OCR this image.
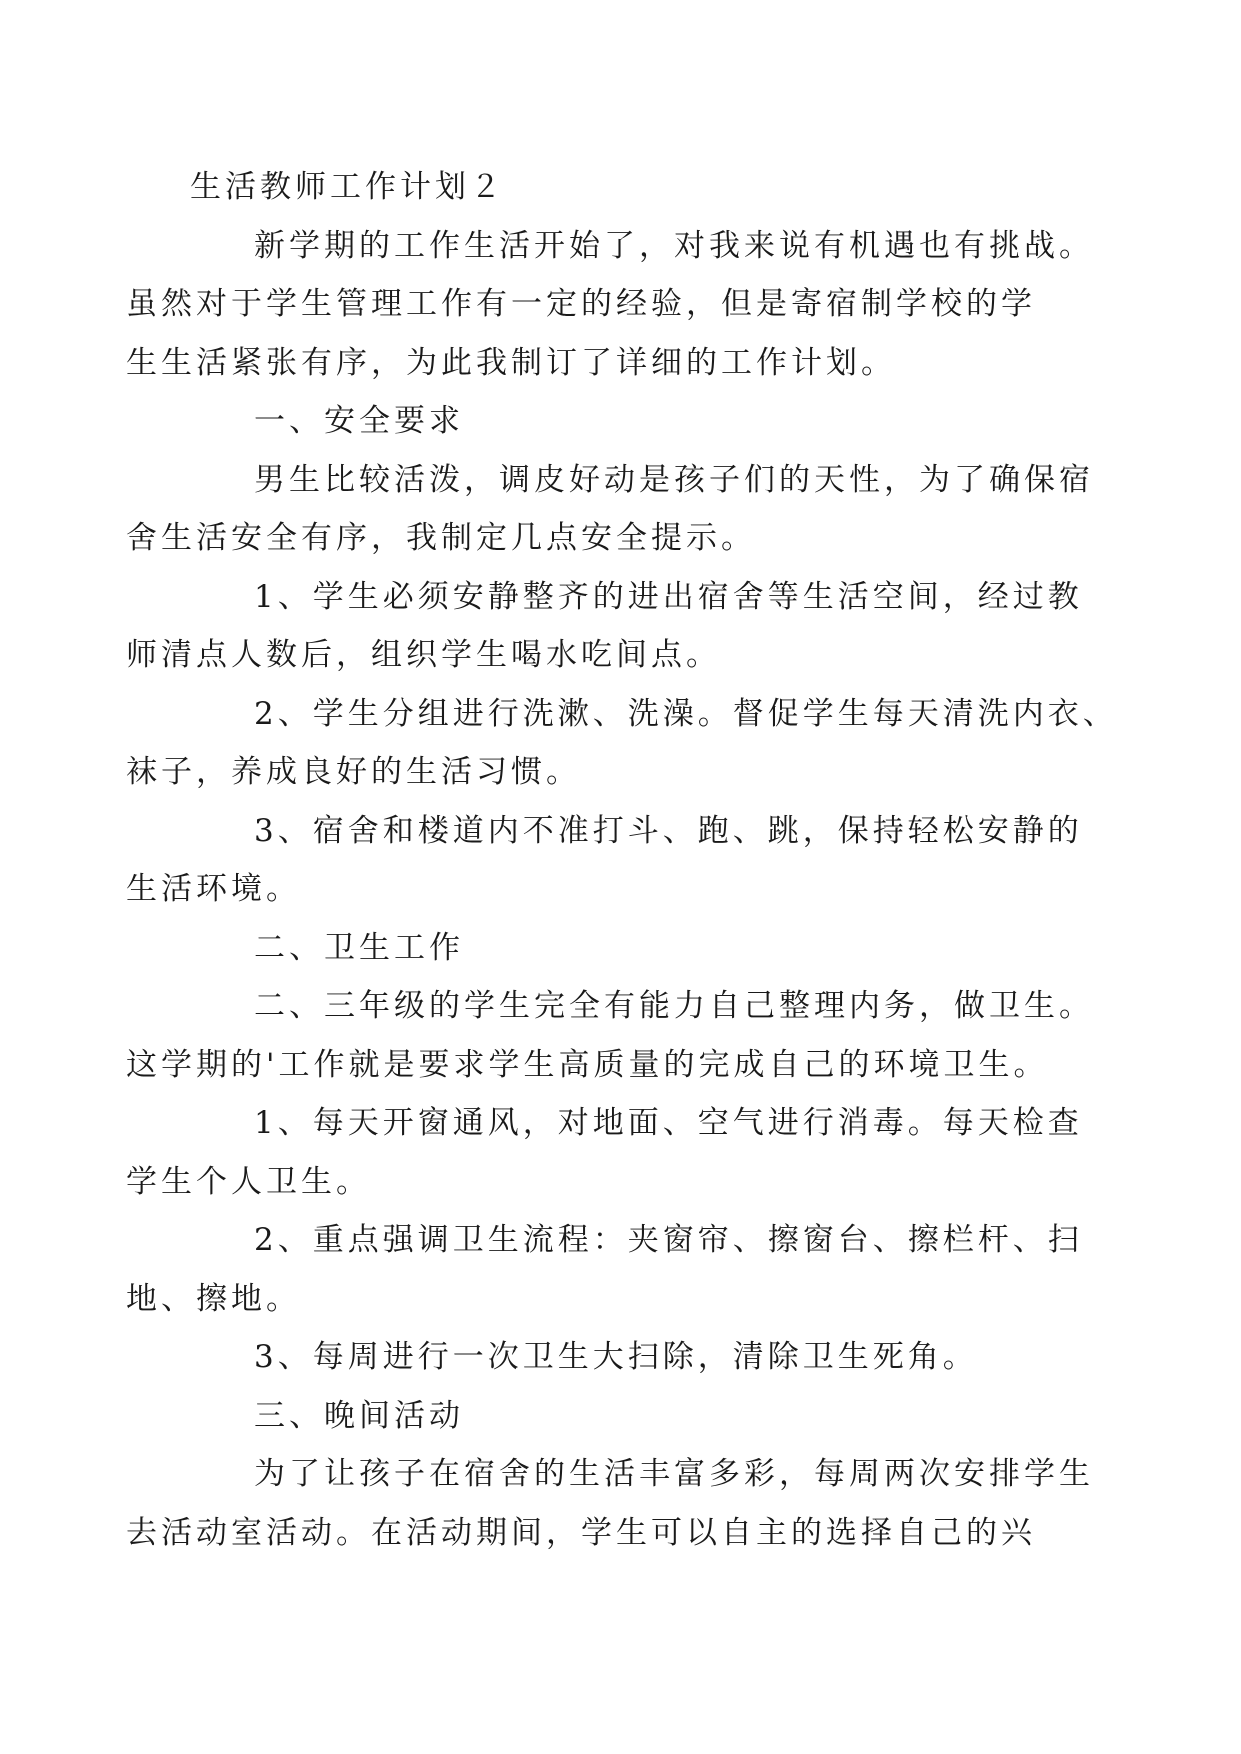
生活教师工作计划２

新学期的工作生活开始了，对我来说有机遇也有挑战。
虽然对于学生管理工作有一定的经验，但是寄宿制学校的学
生生活紧张有序，为此我制订了详细的工作计划。

一、安全要求

男生比较活泼，调皮好动是孩子们的天性，为了确保宿
舍生活安全有序，我制定几点安全提示。

1、学生必须安静整齐的进出宿舍等生活空间，经过教
师清点人数后，组织学生喝水吃间点。

2、学生分组进行洗漱、洗澡。督促学生每天清洗内衣、
袜子，养成良好的生活习惯。

3、宿舍和楼道内不准打斗、跑、跳，保持轻松安静的
生活环境。

二、卫生工作

二、三年级的学生完全有能力自己整理内务，做卫生。
这学期的'工作就是要求学生高质量的完成自己的环境卫生。

1、每天开窗通风，对地面、空气进行消毒。每天检查
学生个人卫生。

2、重点强调卫生流程：夹窗帘、擦窗台、擦栏杆、扫
地、擦地。

3、每周进行一次卫生大扫除，清除卫生死角。

三、晚间活动

为了让孩子在宿舍的生活丰富多彩，每周两次安排学生
去活动室活动。在活动期间，学生可以自主的选择自己的兴
